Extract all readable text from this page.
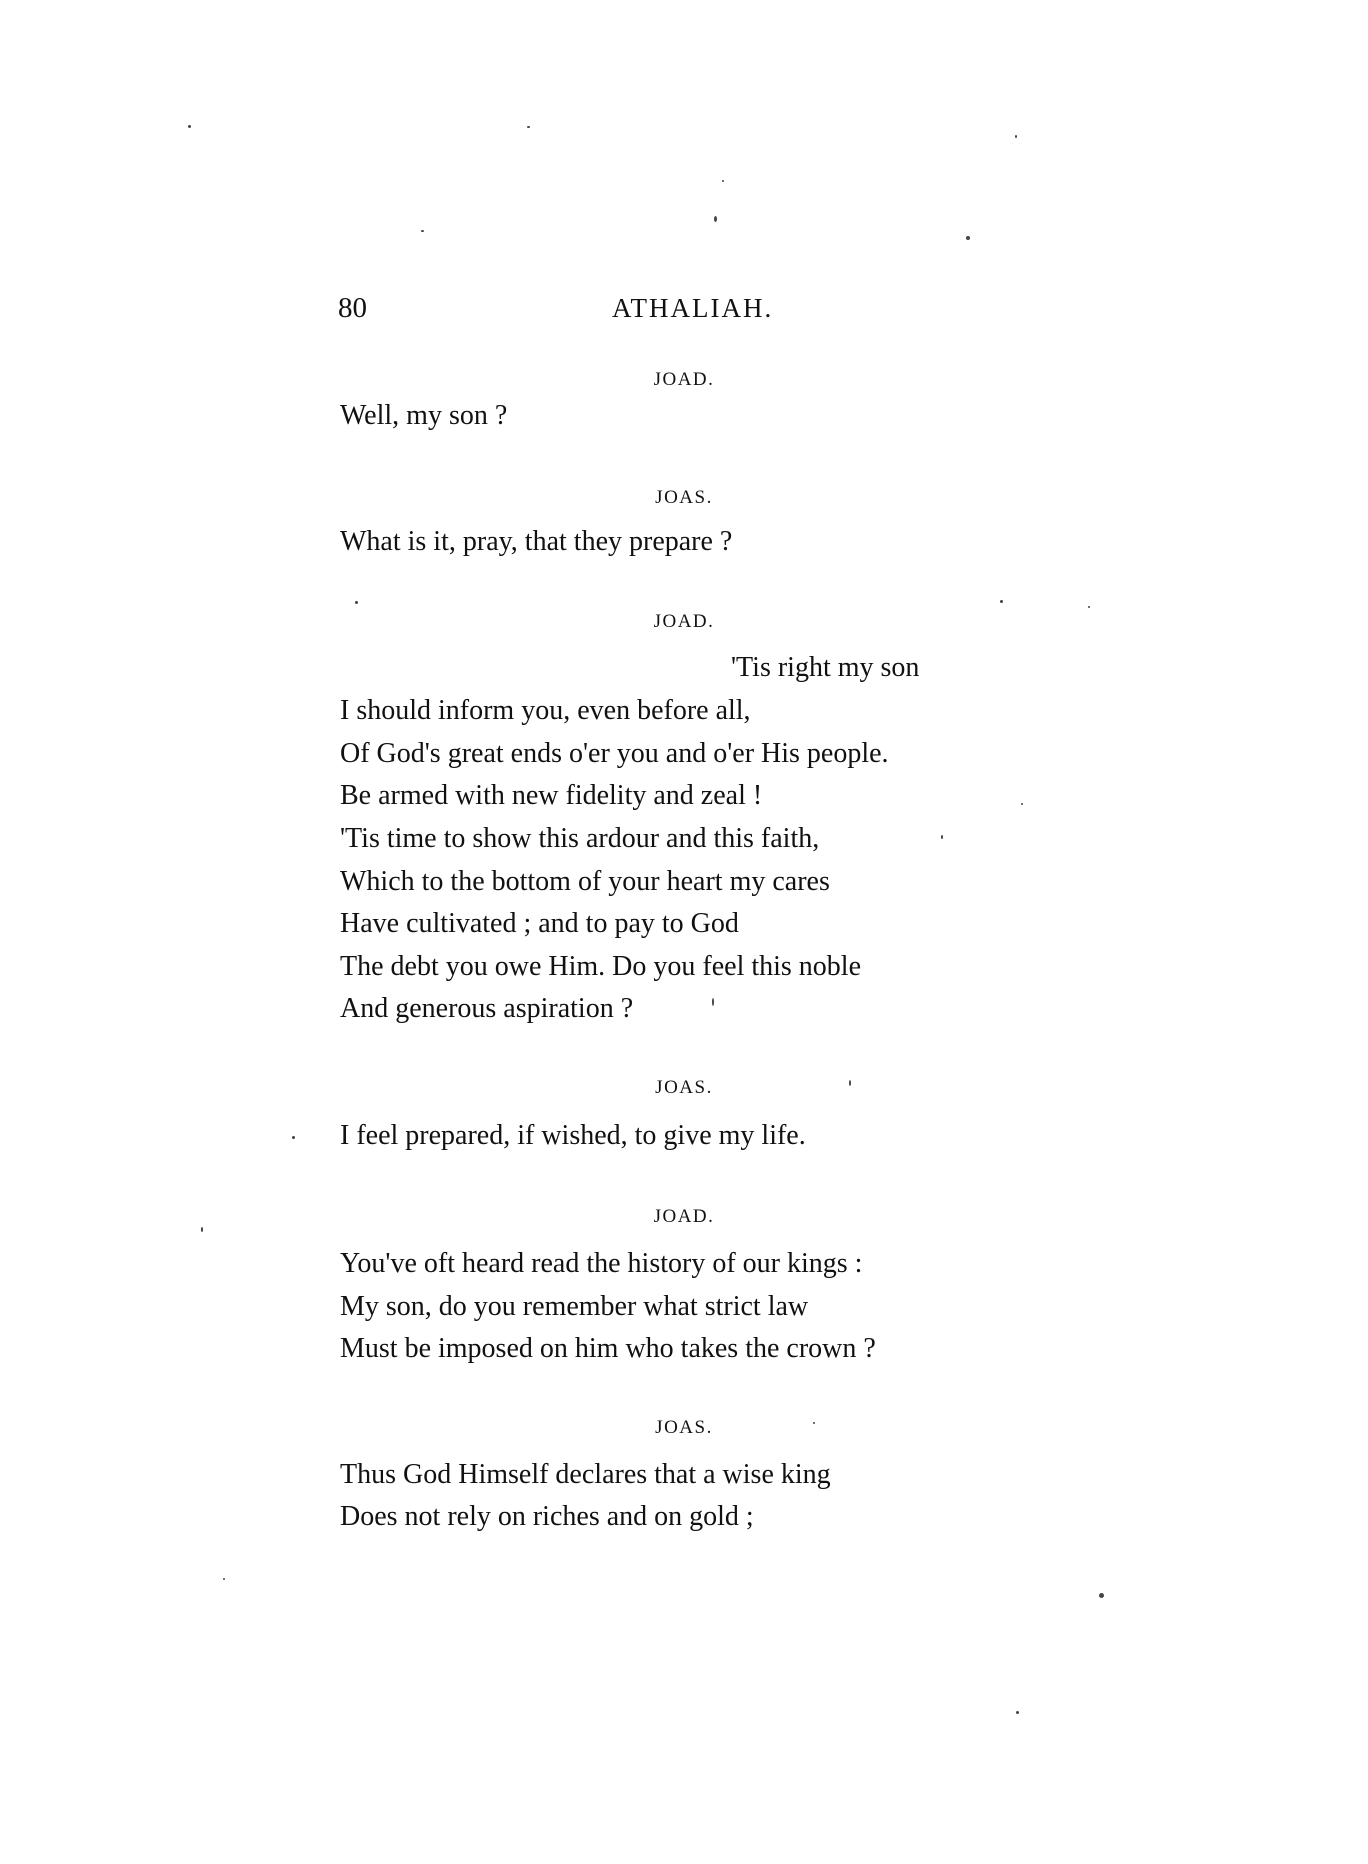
80	ATHALIAH.
JOAD.
Well, my son ?
JOAS.
What is it, pray, that they prepare ?
JOAD.
'Tis right my son
I should inform you, even before all,
Of God's great ends o'er you and o'er His people.
Be armed with new fidelity and zeal !
'Tis time to show this ardour and this faith,
Which to the bottom of your heart my cares
Have cultivated ; and to pay to God
The debt you owe Him. Do you feel this noble
And generous aspiration ?
JOAS.
I feel prepared, if wished, to give my life.
JOAD.
You've oft heard read the history of our kings :
My son, do you remember what strict law
Must be imposed on him who takes the crown ?
JOAS.
Thus God Himself declares that a wise king
Does not rely on riches and on gold ;
